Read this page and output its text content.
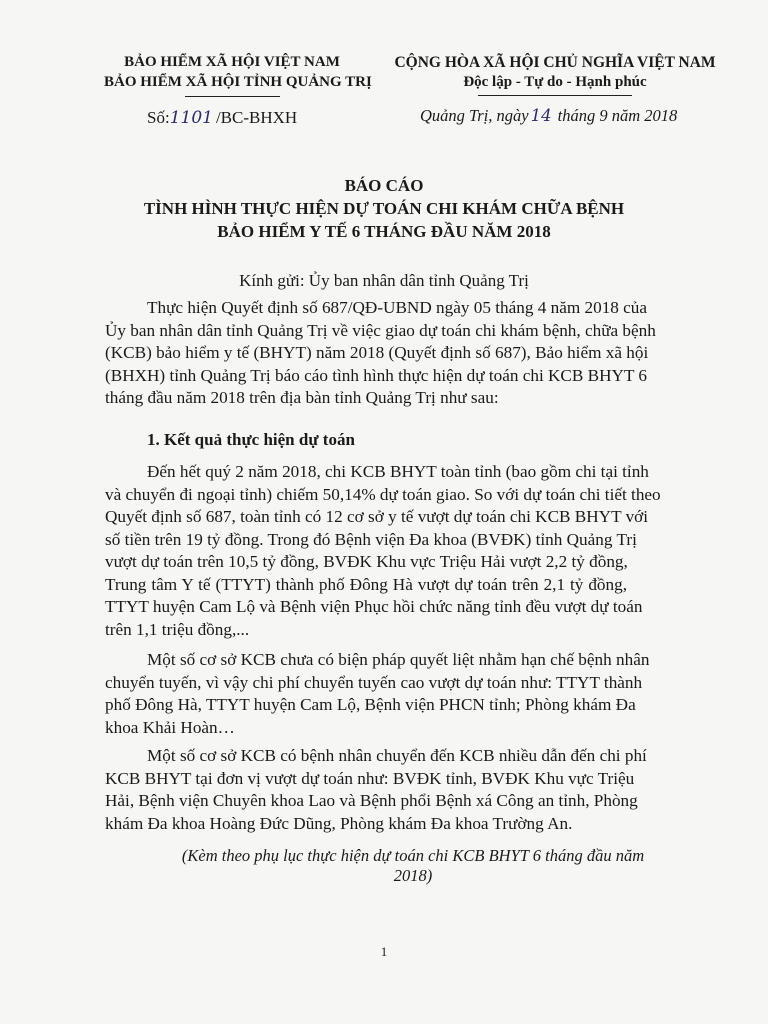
BẢO HIỂM XÃ HỘI VIỆT NAM
BẢO HIỂM XÃ HỘI TỈNH QUẢNG TRỊ
CỘNG HÒA XÃ HỘI CHỦ NGHĨA VIỆT NAM
Độc lập - Tự do - Hạnh phúc
Số:1101 /BC-BHXH	Quảng Trị, ngày 14 tháng 9 năm 2018
BÁO CÁO
TÌNH HÌNH THỰC HIỆN DỰ TOÁN CHI KHÁM CHỮA BỆNH
BẢO HIỂM Y TẾ 6 THÁNG ĐẦU NĂM 2018
Kính gửi: Ủy ban nhân dân tỉnh Quảng Trị
Thực hiện Quyết định số 687/QĐ-UBND ngày 05 tháng 4 năm 2018 của
Ủy ban nhân dân tỉnh Quảng Trị về việc giao dự toán chi khám bệnh, chữa bệnh
(KCB) bảo hiểm y tế (BHYT) năm 2018 (Quyết định số 687), Bảo hiểm xã hội
(BHXH) tỉnh Quảng Trị báo cáo tình hình thực hiện dự toán chi KCB BHYT 6
tháng đầu năm 2018 trên địa bàn tỉnh Quảng Trị như sau:
1. Kết quả thực hiện dự toán
Đến hết quý 2 năm 2018, chi KCB BHYT toàn tỉnh (bao gồm chi tại tỉnh
và chuyển đi ngoại tỉnh) chiếm 50,14% dự toán giao. So với dự toán chi tiết theo
Quyết định số 687, toàn tỉnh có 12 cơ sở y tế vượt dự toán chi KCB BHYT với
số tiền trên 19 tỷ đồng. Trong đó Bệnh viện Đa khoa (BVĐK) tỉnh Quảng Trị
vượt dự toán trên 10,5 tỷ đồng, BVĐK Khu vực Triệu Hải vượt 2,2 tỷ đồng,
Trung tâm Y tế (TTYT) thành phố Đông Hà vượt dự toán trên 2,1 tỷ đồng,
TTYT huyện Cam Lộ và Bệnh viện Phục hồi chức năng tỉnh đều vượt dự toán
trên 1,1 triệu đồng,...
Một số cơ sở KCB chưa có biện pháp quyết liệt nhằm hạn chế bệnh nhân
chuyển tuyến, vì vậy chi phí chuyển tuyến cao vượt dự toán như: TTYT thành
phố Đông Hà, TTYT huyện Cam Lộ, Bệnh viện PHCN tỉnh; Phòng khám Đa
khoa Khải Hoàn…
Một số cơ sở KCB có bệnh nhân chuyển đến KCB nhiều dẫn đến chi phí
KCB BHYT tại đơn vị vượt dự toán như: BVĐK tỉnh, BVĐK Khu vực Triệu
Hải, Bệnh viện Chuyên khoa Lao và Bệnh phổi Bệnh xá Công an tỉnh, Phòng
khám Đa khoa Hoàng Đức Dũng, Phòng khám Đa khoa Trường An.
(Kèm theo phụ lục thực hiện dự toán chi KCB BHYT 6 tháng đầu năm
2018)
1
